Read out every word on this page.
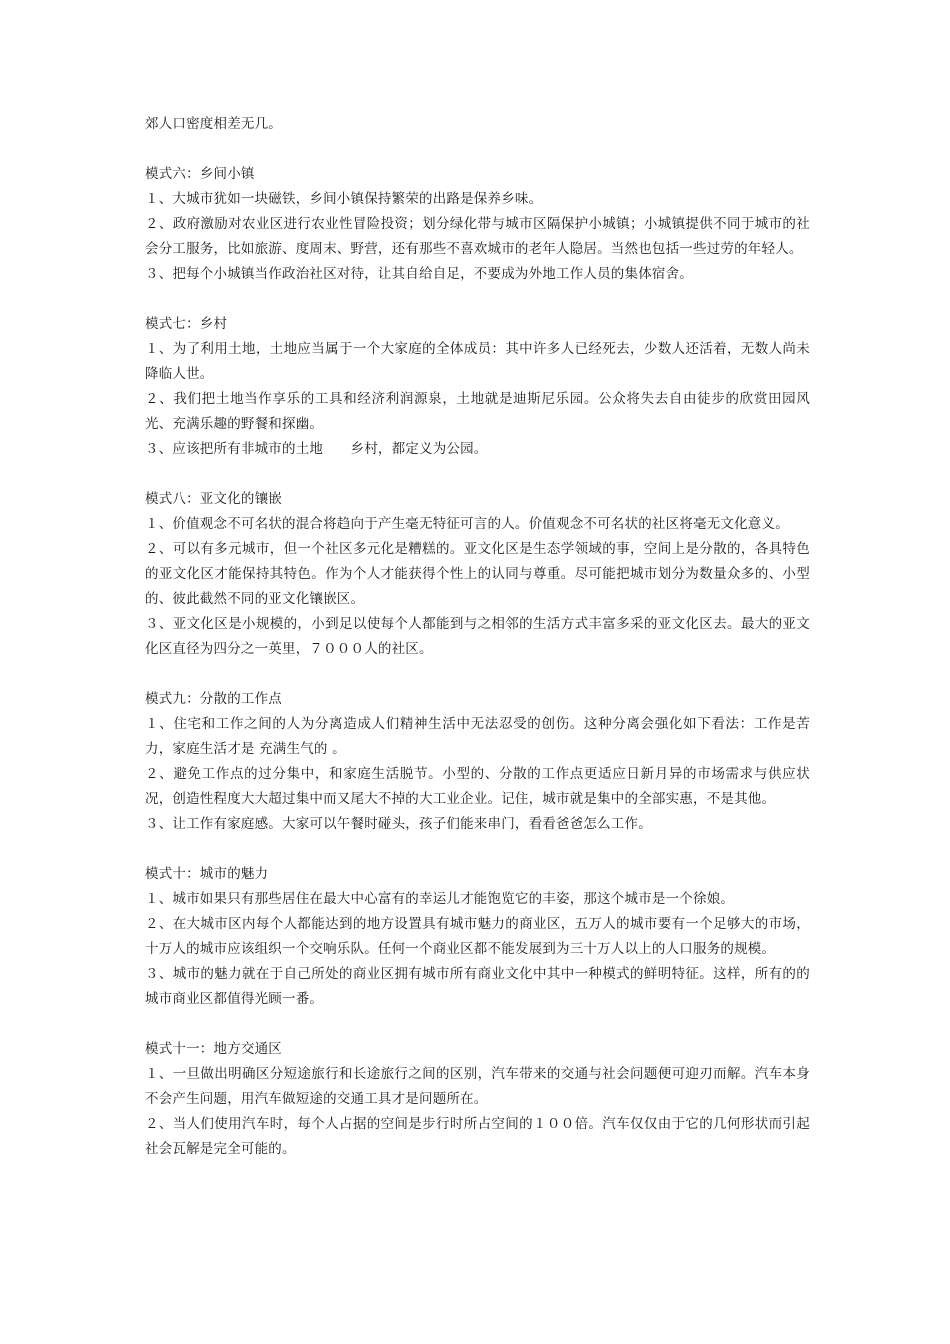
郊人口密度相差无几。

模式六：乡间小镇

１、大城市犹如一块磁铁，乡间小镇保持繁荣的出路是保养乡味。

２、政府激励对农业区进行农业性冒险投资；划分绿化带与城市区隔保护小城镇；小城镇提供不同于城市的社会分工服务，比如旅游、度周末、野营，还有那些不喜欢城市的老年人隐居。当然也包括一些过劳的年轻人。

３、把每个小城镇当作政治社区对待，让其自给自足，不要成为外地工作人员的集体宿舍。

模式七：乡村

１、为了利用土地，土地应当属于一个大家庭的全体成员：其中许多人已经死去，少数人还活着，无数人尚未降临人世。

２、我们把土地当作享乐的工具和经济利润源泉，土地就是迪斯尼乐园。公众将失去自由徒步的欣赏田园风光、充满乐趣的野餐和探幽。

３、应该把所有非城市的土地　　乡村，都定义为公园。

模式八：亚文化的镶嵌

１、价值观念不可名状的混合将趋向于产生毫无特征可言的人。价值观念不可名状的社区将毫无文化意义。

２、可以有多元城市，但一个社区多元化是糟糕的。亚文化区是生态学领域的事，空间上是分散的，各具特色的亚文化区才能保持其特色。作为个人才能获得个性上的认同与尊重。尽可能把城市划分为数量众多的、小型的、彼此截然不同的亚文化镶嵌区。

３、亚文化区是小规模的，小到足以使每个人都能到与之相邻的生活方式丰富多采的亚文化区去。最大的亚文化区直径为四分之一英里，７０００人的社区。

模式九：分散的工作点

１、住宅和工作之间的人为分离造成人们精神生活中无法忍受的创伤。这种分离会强化如下看法：工作是苦力，家庭生活才是 充满生气的 。

２、避免工作点的过分集中，和家庭生活脱节。小型的、分散的工作点更适应日新月异的市场需求与供应状况，创造性程度大大超过集中而又尾大不掉的大工业企业。记住，城市就是集中的全部实惠，不是其他。

３、让工作有家庭感。大家可以午餐时碰头，孩子们能来串门，看看爸爸怎么工作。

模式十：城市的魅力

１、城市如果只有那些居住在最大中心富有的幸运儿才能饱览它的丰姿，那这个城市是一个徐娘。

２、在大城市区内每个人都能达到的地方设置具有城市魅力的商业区，五万人的城市要有一个足够大的市场，十万人的城市应该组织一个交响乐队。任何一个商业区都不能发展到为三十万人以上的人口服务的规模。

３、城市的魅力就在于自己所处的商业区拥有城市所有商业文化中其中一种模式的鲜明特征。这样，所有的的城市商业区都值得光顾一番。

模式十一：地方交通区

１、一旦做出明确区分短途旅行和长途旅行之间的区别，汽车带来的交通与社会问题便可迎刃而解。汽车本身不会产生问题，用汽车做短途的交通工具才是问题所在。

２、当人们使用汽车时，每个人占据的空间是步行时所占空间的１００倍。汽车仅仅由于它的几何形状而引起社会瓦解是完全可能的。
